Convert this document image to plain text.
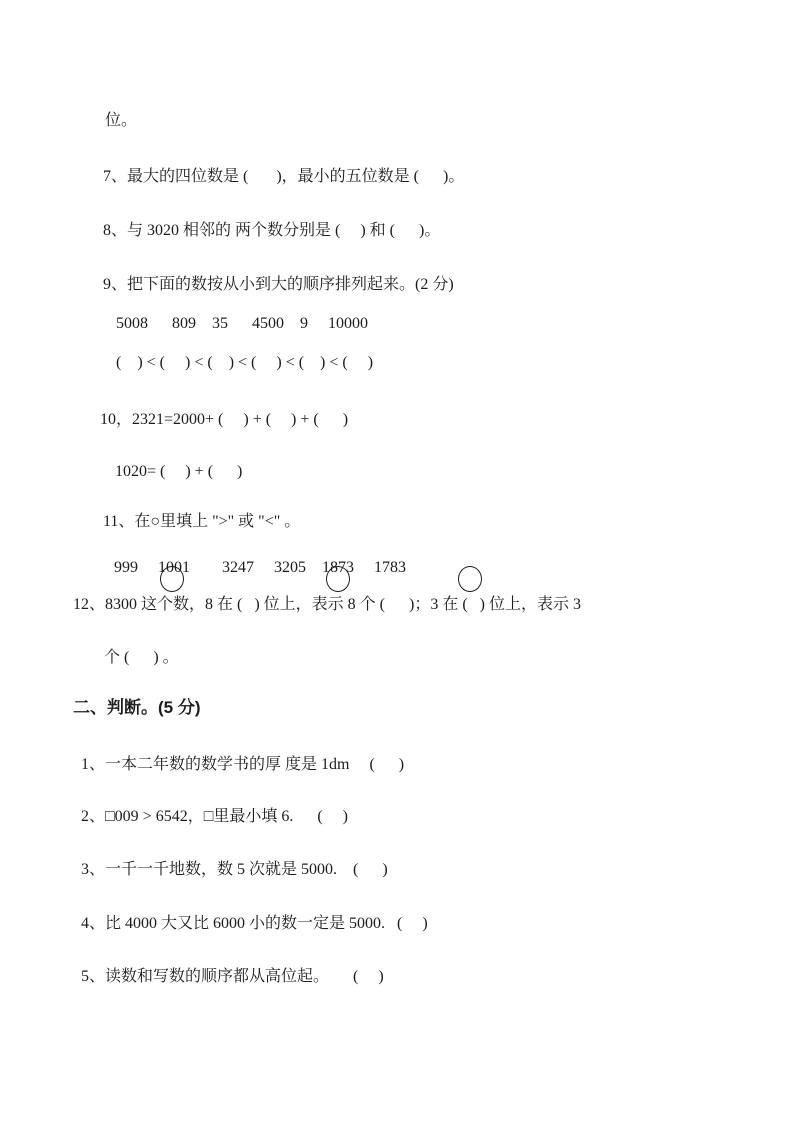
位。
7、最大的四位数是 (       )，最小的五位数是 (      )。
8、与 3020 相邻的 两个数分别是 (     ) 和 (      )。
9、把下面的数按从小到大的顺序排列起来。(2 分)
5008      809    35      4500    9     10000
(    ) < (     ) < (    ) < (     ) < (    ) < (     )
10，2321=2000+ (     ) + (     ) + (      )
1020= (     ) + (      )
11、在○里填上 ">" 或 "<" 。
999     1001        3247     3205    1873     1783
12、8300 这个数，8 在 (   ) 位上，表示 8 个 (      )；3 在 (   ) 位上，表示 3
个 (      ) 。
二、判断。(5 分)
1、一本二年数的数学书的厚 度是 1dm     (      )
2、□009 > 6542，□里最小填 6.      (     )
3、一千一千地数，数 5 次就是 5000.    (      )
4、比 4000 大又比 6000 小的数一定是 5000.   (     )
5、读数和写数的顺序都从高位起。      (     )
